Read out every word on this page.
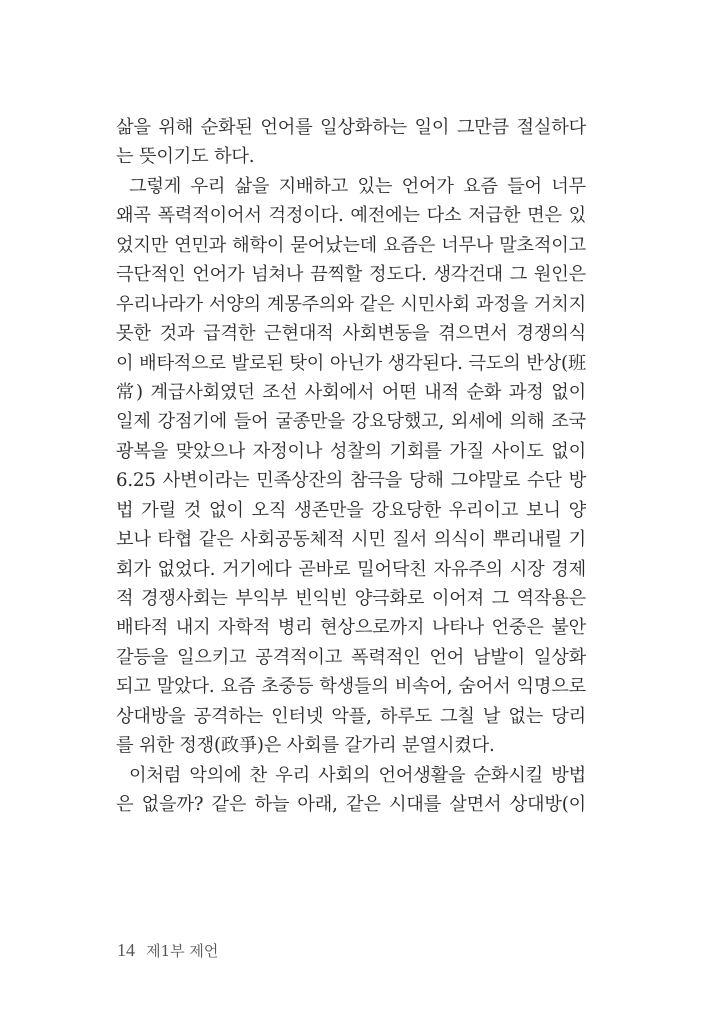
삶을 위해 순화된 언어를 일상화하는 일이 그만큼 절실하다
는 뜻이기도 하다.
그렇게 우리 삶을 지배하고 있는 언어가 요즘 들어 너무
왜곡 폭력적이어서 걱정이다. 예전에는 다소 저급한 면은 있
었지만 연민과 해학이 묻어났는데 요즘은 너무나 말초적이고
극단적인 언어가 넘쳐나 끔찍할 정도다. 생각건대 그 원인은
우리나라가 서양의 계몽주의와 같은 시민사회 과정을 거치지
못한 것과 급격한 근현대적 사회변동을 겪으면서 경쟁의식
이 배타적으로 발로된 탓이 아닌가 생각된다. 극도의 반상(班
常) 계급사회였던 조선 사회에서 어떤 내적 순화 과정 없이
일제 강점기에 들어 굴종만을 강요당했고, 외세에 의해 조국
광복을 맞았으나 자정이나 성찰의 기회를 가질 사이도 없이
6.25 사변이라는 민족상잔의 참극을 당해 그야말로 수단 방
법 가릴 것 없이 오직 생존만을 강요당한 우리이고 보니 양
보나 타협 같은 사회공동체적 시민 질서 의식이 뿌리내릴 기
회가 없었다. 거기에다 곧바로 밀어닥친 자유주의 시장 경제
적 경쟁사회는 부익부 빈익빈 양극화로 이어져 그 역작용은
배타적 내지 자학적 병리 현상으로까지 나타나 언중은 불안
갈등을 일으키고 공격적이고 폭력적인 언어 남발이 일상화
되고 말았다. 요즘 초중등 학생들의 비속어, 숨어서 익명으로
상대방을 공격하는 인터넷 악플, 하루도 그칠 날 없는 당리
를 위한 정쟁(政爭)은 사회를 갈가리 분열시켰다.
이처럼 악의에 찬 우리 사회의 언어생활을 순화시킬 방법
은 없을까? 같은 하늘 아래, 같은 시대를 살면서 상대방(이
14 제1부 제언
